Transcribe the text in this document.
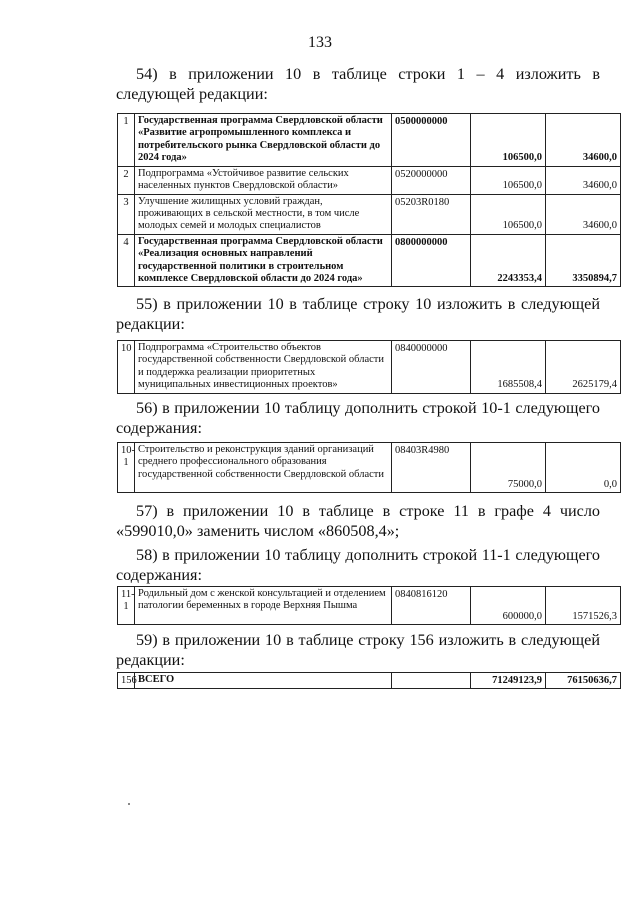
133

54) в приложении 10 в таблице строки 1 – 4 изложить в следующей редакции:

1	Государственная программа Свердловской области «Развитие агропромышленного комплекса и потребительского рынка Свердловской области до 2024 года»	0500000000	106500,0	34600,0
2	Подпрограмма «Устойчивое развитие сельских населенных пунктов Свердловской области»	0520000000	106500,0	34600,0
3	Улучшение жилищных условий граждан, проживающих в сельской местности, в том числе молодых семей и молодых специалистов	05203R0180	106500,0	34600,0
4	Государственная программа Свердловской области «Реализация основных направлений государственной политики в строительном комплексе Свердловской области до 2024 года»	0800000000	2243353,4	3350894,7

55) в приложении 10 в таблице строку 10 изложить в следующей редакции:

10	Подпрограмма «Строительство объектов государственной собственности Свердловской области и поддержка реализации приоритетных муниципальных инвестиционных проектов»	0840000000	1685508,4	2625179,4

56) в приложении 10 таблицу дополнить строкой 10-1 следующего содержания:

10-1	Строительство и реконструкция зданий организаций среднего профессионального образования государственной собственности Свердловской области	08403R4980	75000,0	0,0

57) в приложении 10 в таблице в строке 11 в графе 4 число «599010,0» заменить числом «860508,4»;

58) в приложении 10 таблицу дополнить строкой 11-1 следующего содержания:

11-1	Родильный дом с женской консультацией и отделением патологии беременных в городе Верхняя Пышма	0840816120	600000,0	1571526,3

59) в приложении 10 в таблице строку 156 изложить в следующей редакции:

156	ВСЕГО		71249123,9	76150636,7
